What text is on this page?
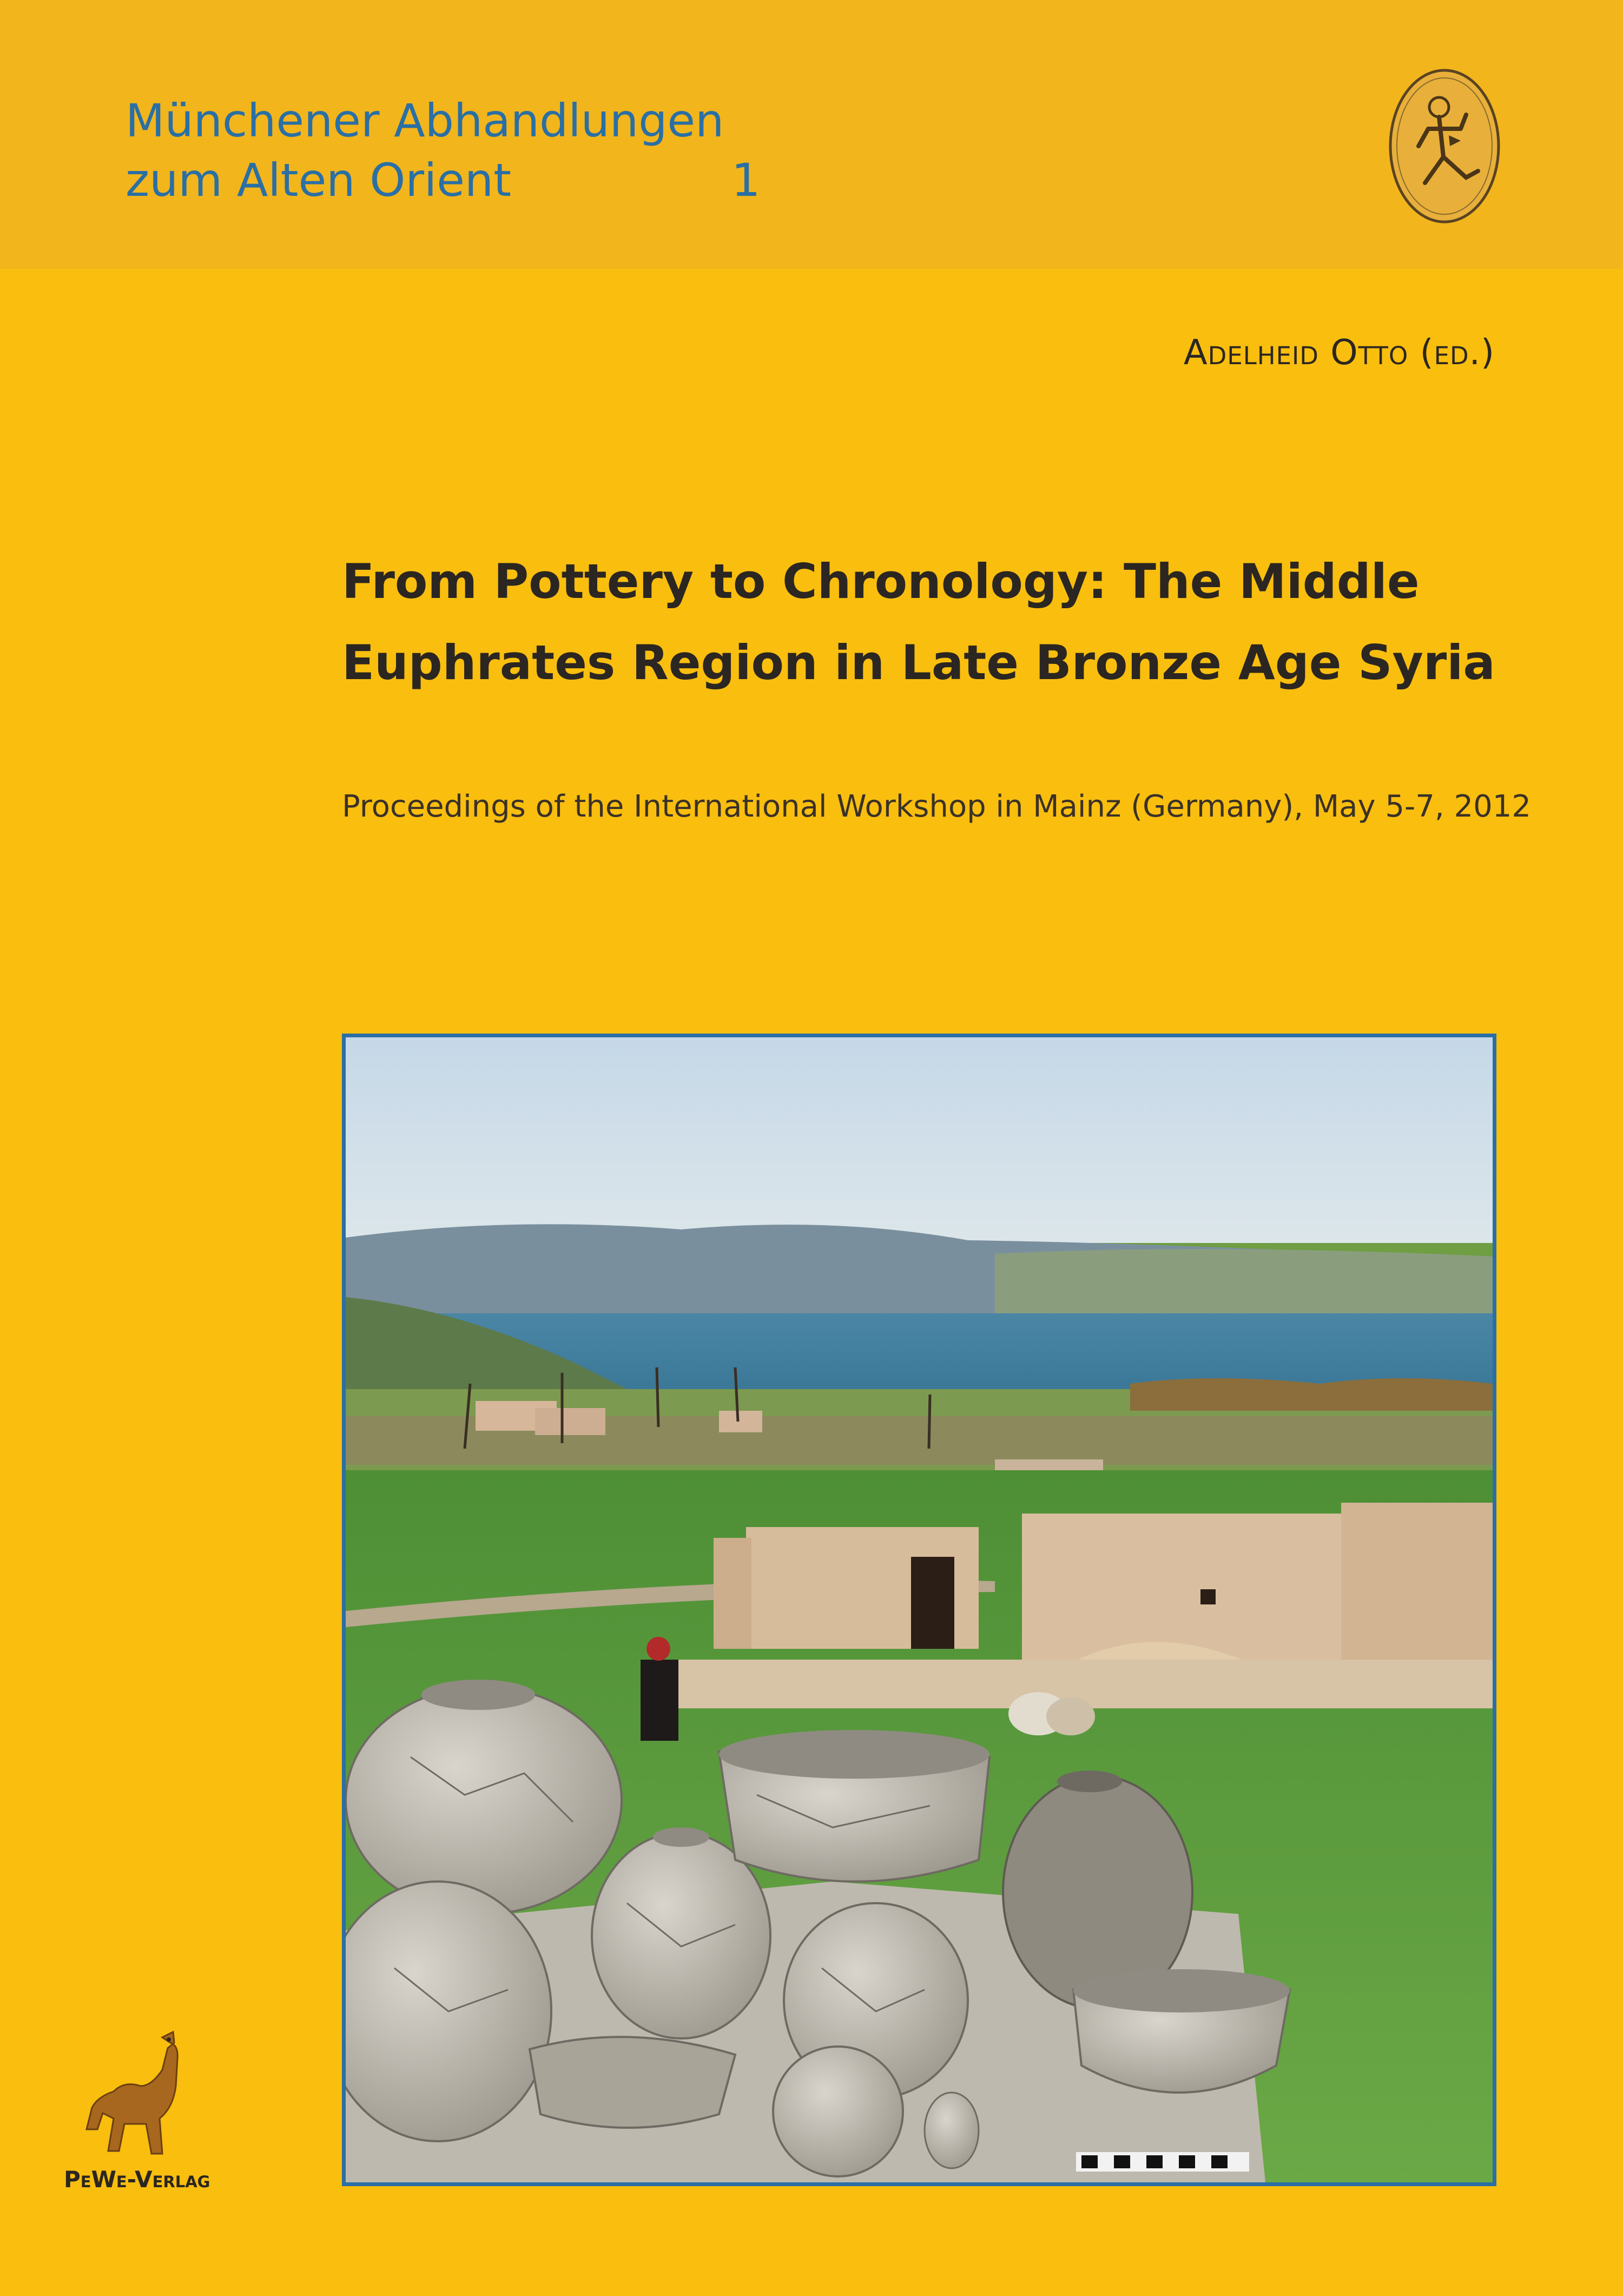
Münchener Abhandlungen
zum Alten Orient	1
Adelheid Otto (ed.)
From Pottery to Chronology: The Middle
Euphrates Region in Late Bronze Age Syria
Proceedings of the International Workshop in Mainz (Germany), May 5-7, 2012
PeWe-Verlag
